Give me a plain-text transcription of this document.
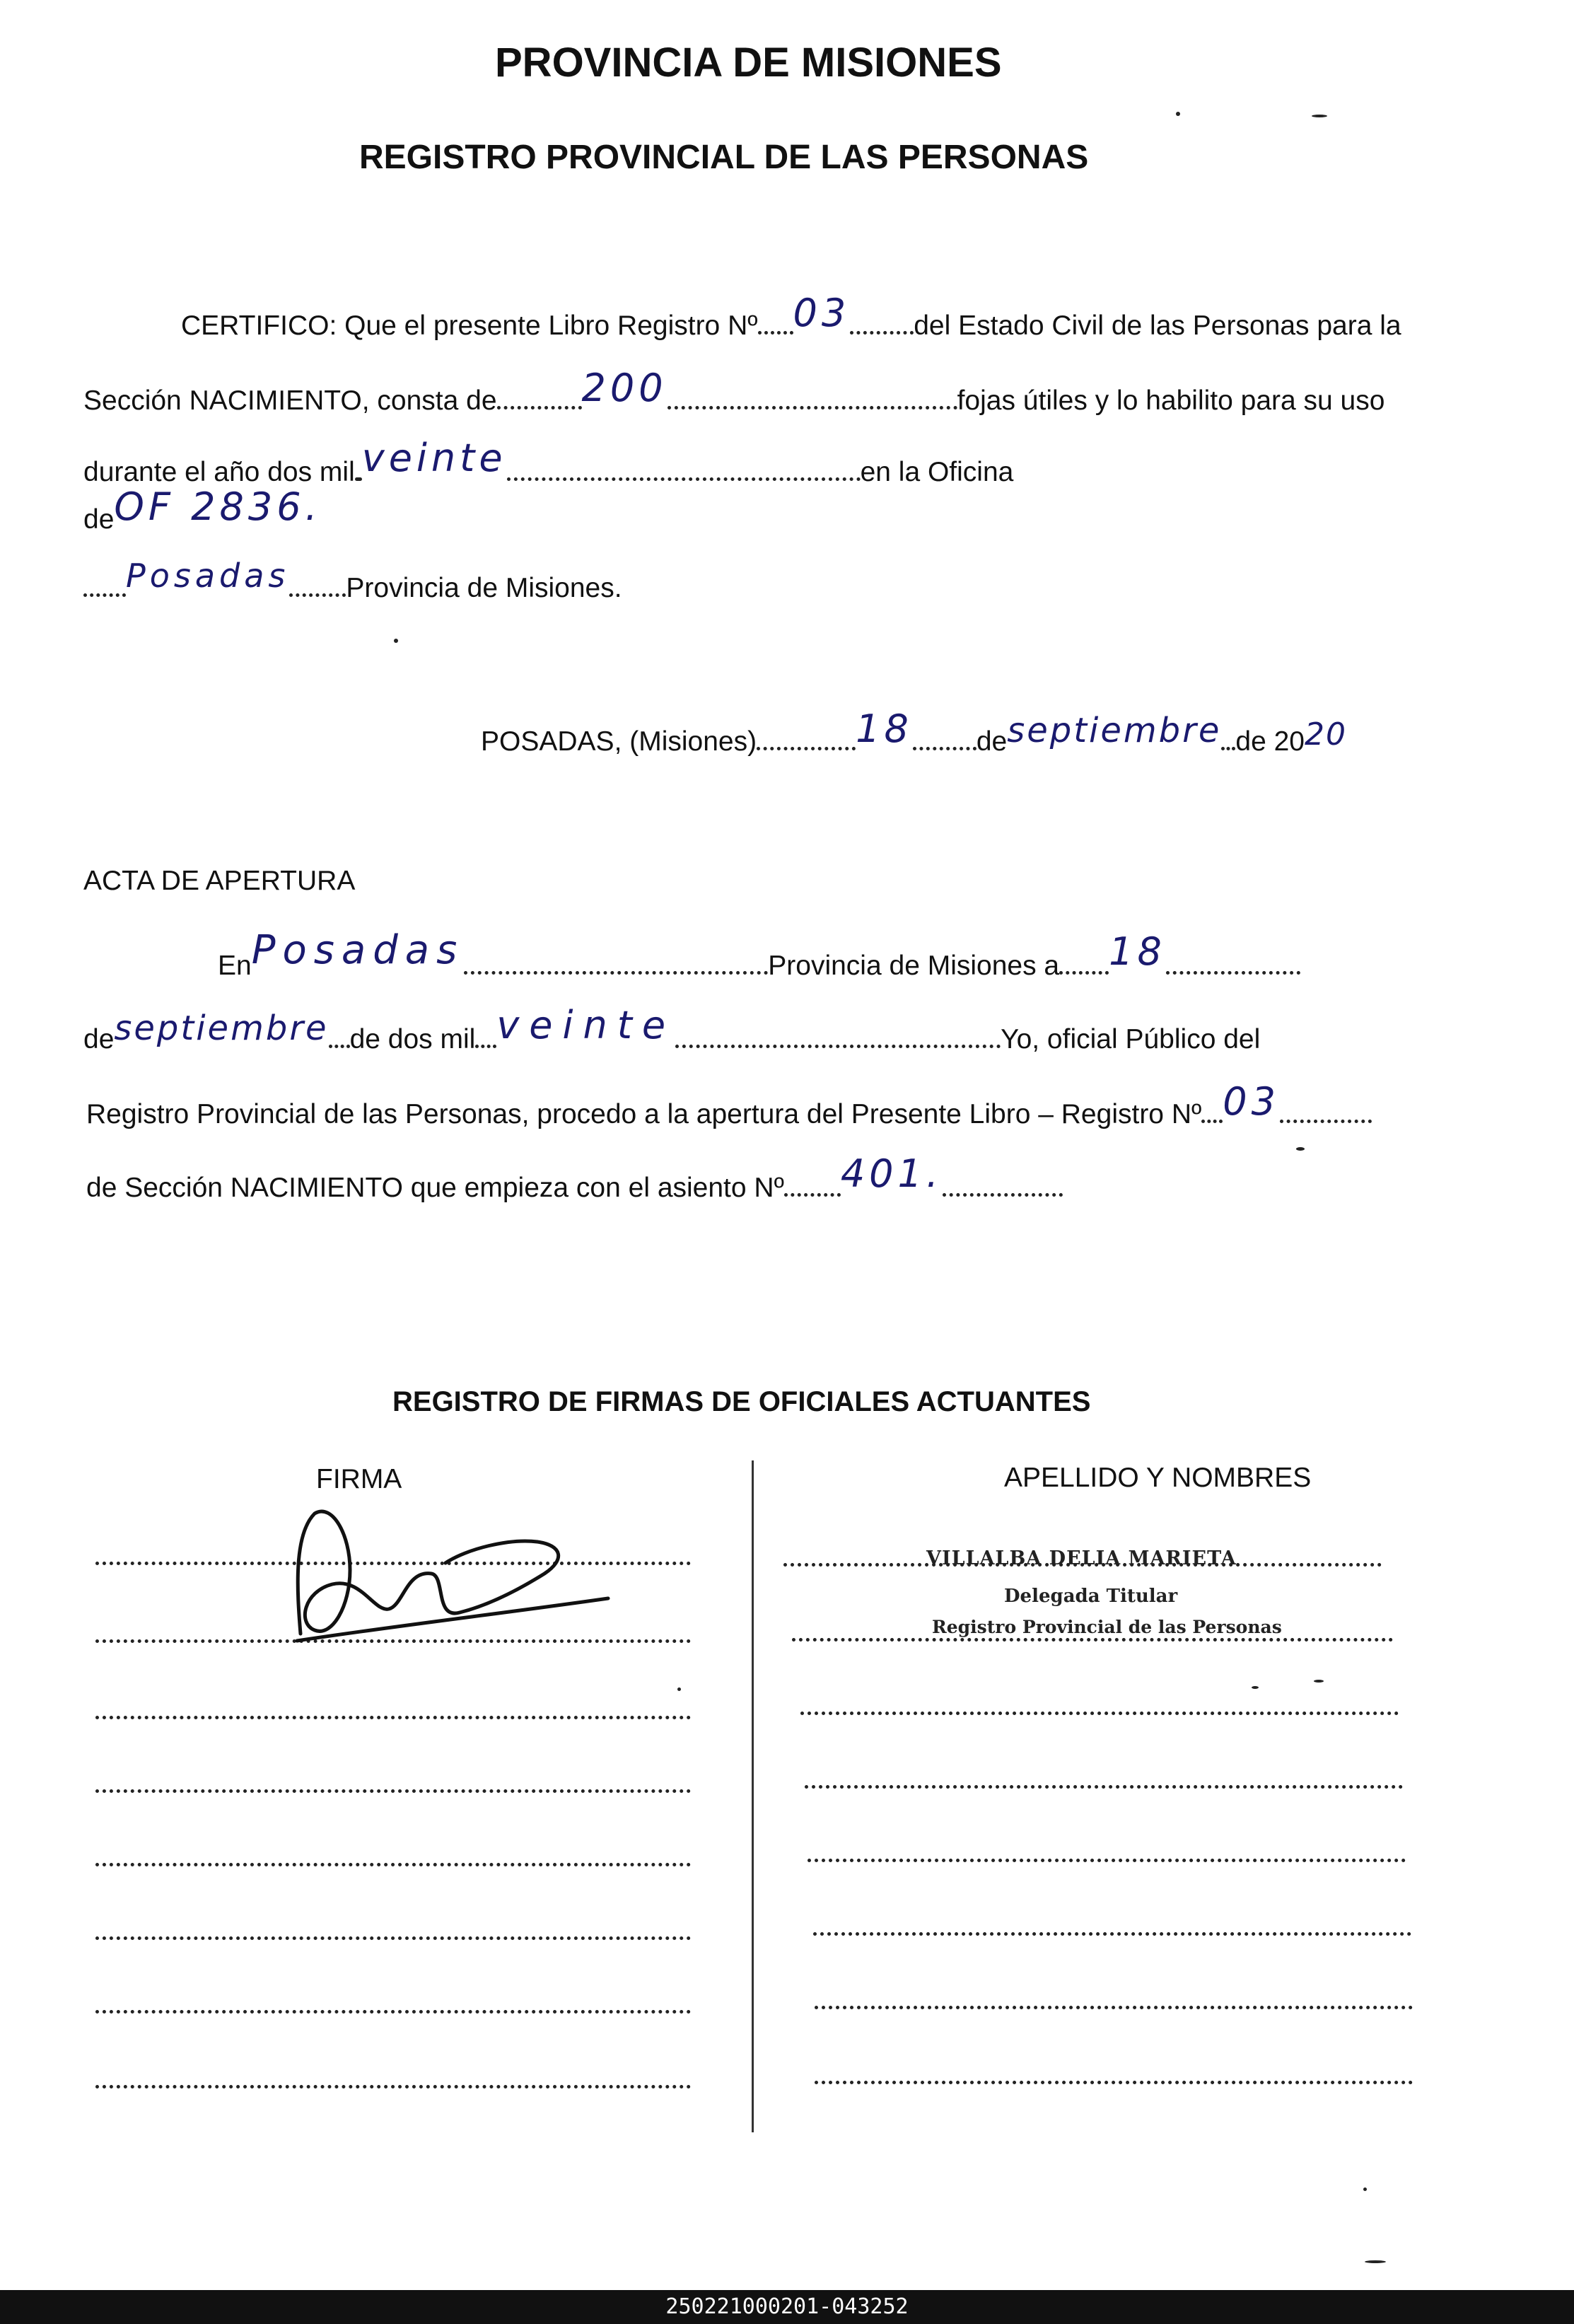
PROVINCIA DE MISIONES
REGISTRO PROVINCIAL DE LAS PERSONAS
CERTIFICO: Que el presente Libro Registro Nº 03 del Estado Civil de las Personas para la
Sección NACIMIENTO, consta de 200	fojas útiles y lo habilito para su uso
durante el año dos mil veinte	en la Oficina
deOF 2836.
Posadas Provincia de Misiones.
POSADAS, (Misiones)	18 deseptiembre de 2020
ACTA DE APERTURA
EnPosadas	Provincia de Misiones a 18
deseptiembre de dos mil veinte	Yo, oficial Público del
Registro Provincial de las Personas, procedo a la apertura del Presente Libro – Registro Nº 03
de Sección NACIMIENTO que empieza con el asiento Nº 401.
REGISTRO DE FIRMAS DE OFICIALES ACTUANTES
FIRMA	APELLIDO Y NOMBRES
VILLALBA DELIA MARIETA
Delegada Titular
Registro Provincial de las Personas
250221000201-043252
